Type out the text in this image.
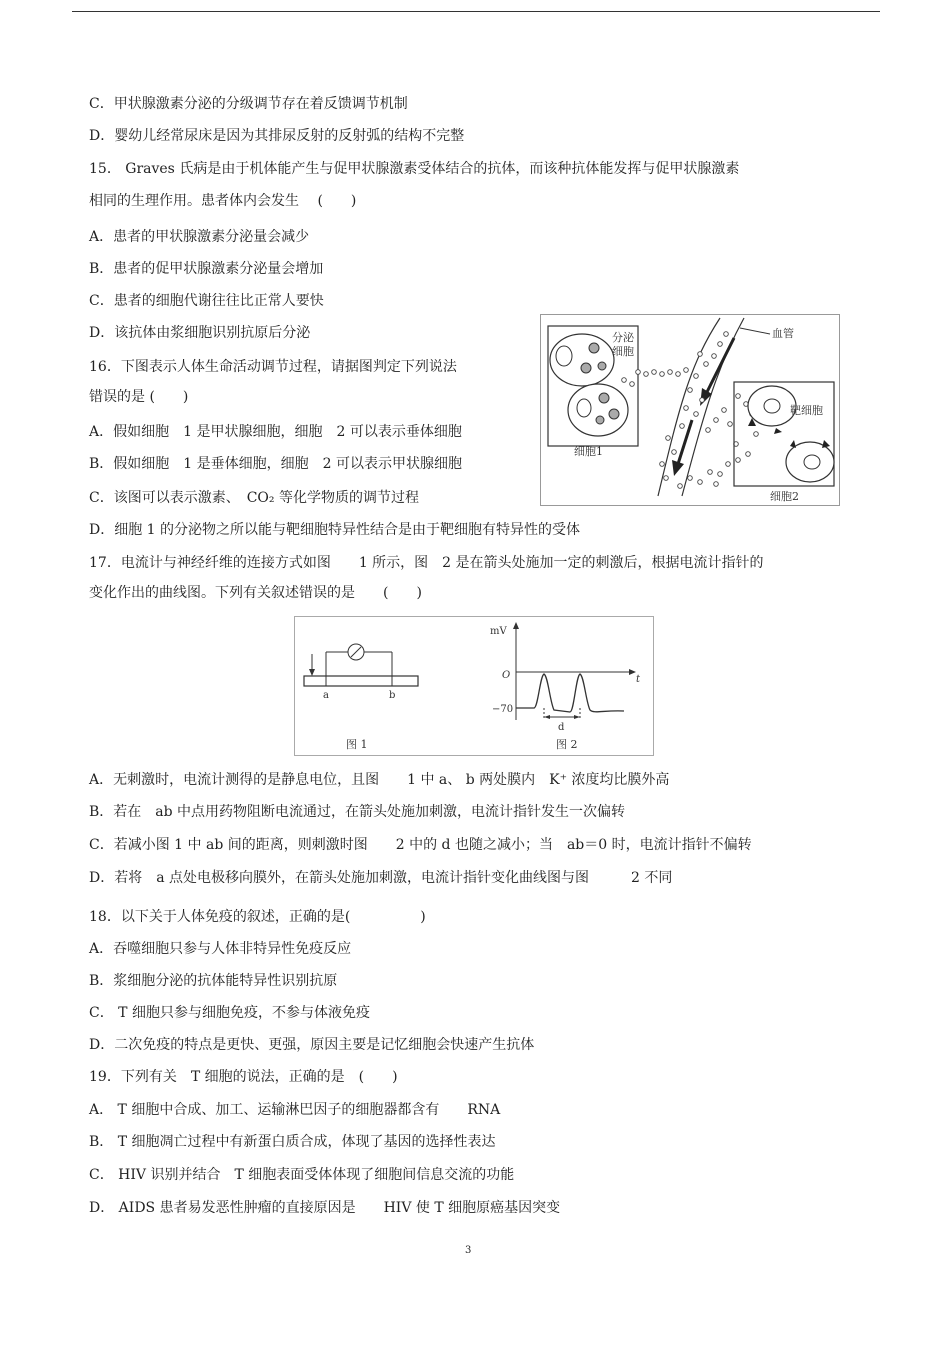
C．甲状腺激素分泌的分级调节存在着反馈调节机制
D．婴幼儿经常尿床是因为其排尿反射的反射弧的结构不完整
15． Graves 氏病是由于机体能产生与促甲状腺激素受体结合的抗体，而该种抗体能发挥与促甲状腺激素
相同的生理作用。患者体内会发生　 (　　)
A．患者的甲状腺激素分泌量会减少
B．患者的促甲状腺激素分泌量会增加
C．患者的细胞代谢往往比正常人要快
D．该抗体由浆细胞识别抗原后分泌
16．下图表示人体生命活动调节过程，请据图判定下列说法
错误的是 (　　)
A．假如细胞　1 是甲状腺细胞，细胞　2 可以表示垂体细胞
B．假如细胞　1 是垂体细胞，细胞　2 可以表示甲状腺细胞
C．该图可以表示激素、　CO₂ 等化学物质的调节过程
D．细胞 1 的分泌物之所以能与靶细胞特异性结合是由于靶细胞有特异性的受体
17．电流计与神经纤维的连接方式如图　　1 所示，图　2 是在箭头处施加一定的刺激后，根据电流计指针的
变化作出的曲线图。下列有关叙述错误的是　　(　　)
A．无刺激时，电流计测得的是静息电位，且图　　1 中 a、 b 两处膜内　K⁺ 浓度均比膜外高
B．若在　ab 中点用药物阻断电流通过，在箭头处施加刺激，电流计指针发生一次偏转
C．若减小图 1 中 ab 间的距离，则刺激时图　　2 中的 d 也随之减小；当　ab＝0 时，电流计指针不偏转
D．若将　a 点处电极移向膜外，在箭头处施加刺激，电流计指针变化曲线图与图　　　2 不同
18．以下关于人体免疫的叙述，正确的是(　　　　　)
A．吞噬细胞只参与人体非特异性免疫反应
B．浆细胞分泌的抗体能特异性识别抗原
C． T 细胞只参与细胞免疫，不参与体液免疫
D．二次免疫的特点是更快、更强，原因主要是记忆细胞会快速产生抗体
19．下列有关　T 细胞的说法，正确的是　(　　)
A． T 细胞中合成、加工、运输淋巴因子的细胞器都含有　　RNA
B． T 细胞凋亡过程中有新蛋白质合成，体现了基因的选择性表达
C． HIV 识别并结合　T 细胞表面受体体现了细胞间信息交流的功能
D． AIDS 患者易发恶性肿瘤的直接原因是　　HIV 使 T 细胞原癌基因突变
分泌
细胞
细胞1
血管
靶细胞
细胞2
a	b
图 1
mV
O	t
−70
d
图 2
3
